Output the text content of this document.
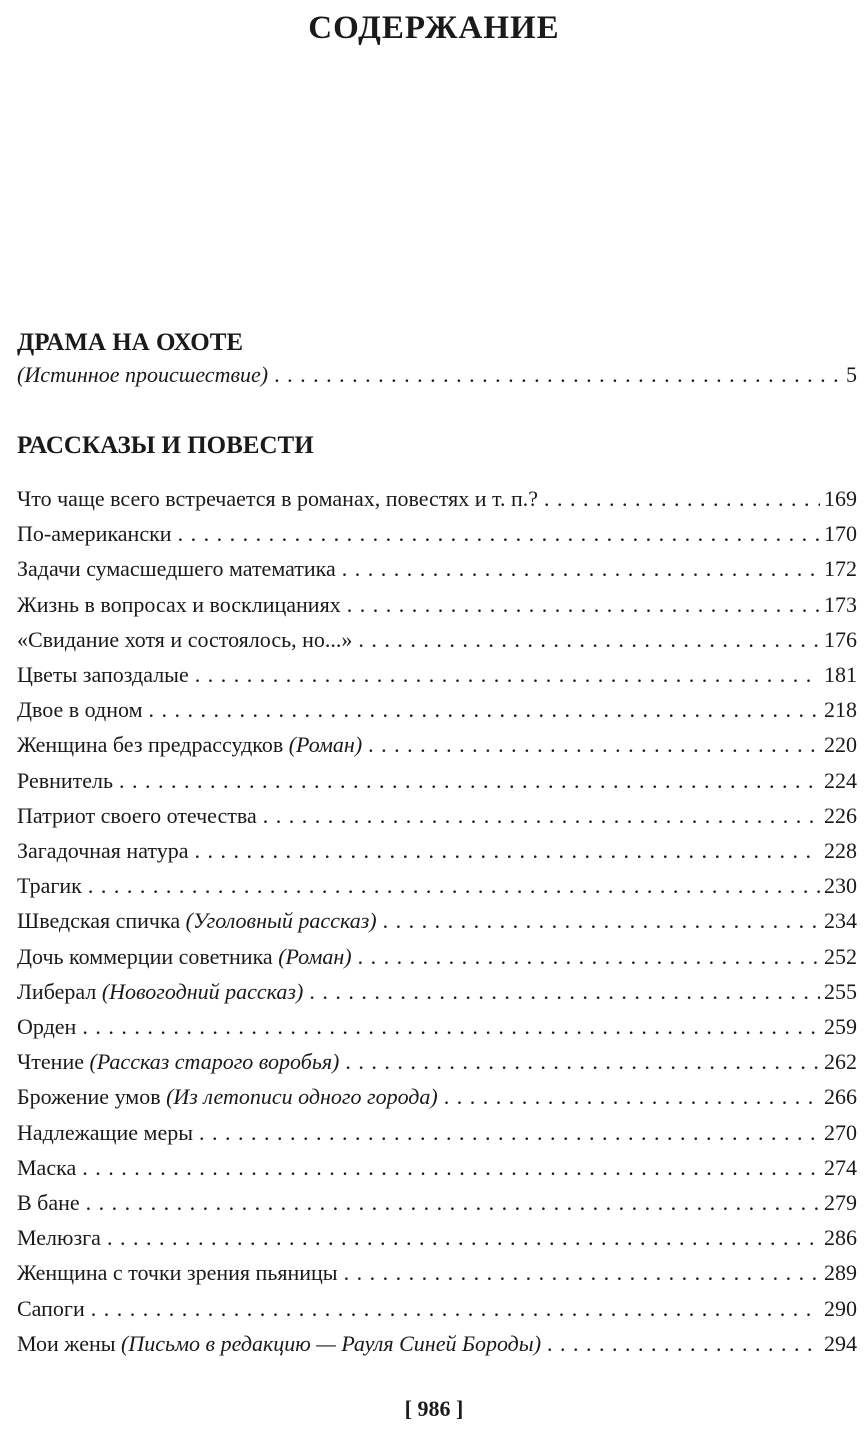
СОДЕРЖАНИЕ
ДРАМА НА ОХОТЕ
(Истинное происшествие) . . .	5
РАССКАЗЫ И ПОВЕСТИ
Что чаще всего встречается в романах, повестях и т. п.? . . .	169
По-американски . . .	170
Задачи сумасшедшего математика . . .	172
Жизнь в вопросах и восклицаниях . . .	173
«Свидание хотя и состоялось, но...» . . .	176
Цветы запоздалые . . .	181
Двое в одном . . .	218
Женщина без предрассудков (Роман) . . .	220
Ревнитель . . .	224
Патриот своего отечества . . .	226
Загадочная натура . . .	228
Трагик . . .	230
Шведская спичка (Уголовный рассказ) . . .	234
Дочь коммерции советника (Роман) . . .	252
Либерал (Новогодний рассказ) . . .	255
Орден . . .	259
Чтение (Рассказ старого воробья) . . .	262
Брожение умов (Из летописи одного города) . . .	266
Надлежащие меры . . .	270
Маска . . .	274
В бане . . .	279
Мелюзга . . .	286
Женщина с точки зрения пьяницы . . .	289
Сапоги . . .	290
Мои жены (Письмо в редакцию — Рауля Синей Бороды) . . .	294
[ 986 ]
